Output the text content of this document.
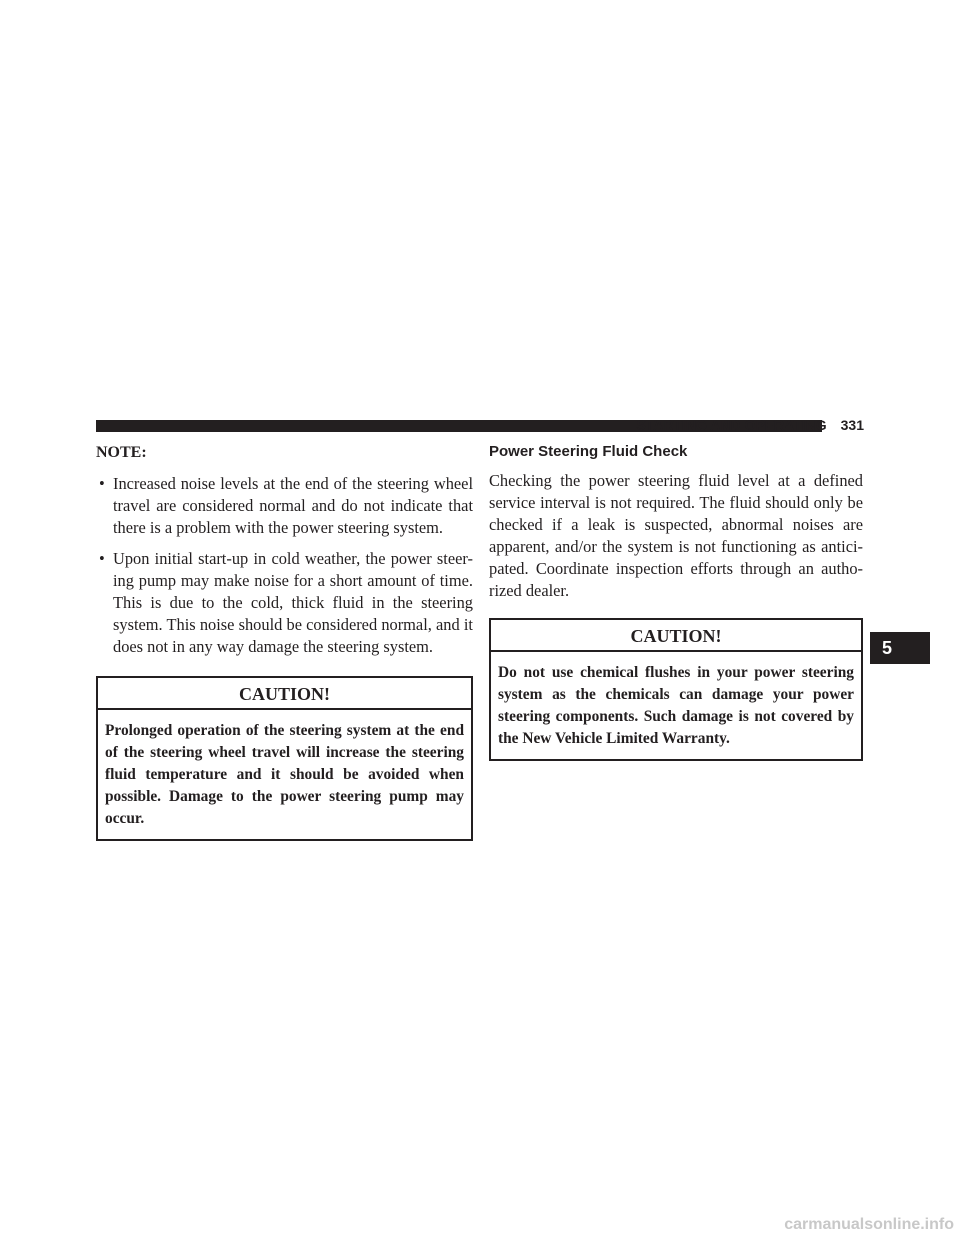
STARTING AND OPERATING 331
NOTE:
• Increased noise levels at the end of the steering wheel travel are considered normal and do not indicate that there is a problem with the power steering system.
• Upon initial start-up in cold weather, the power steer-ing pump may make noise for a short amount of time. This is due to the cold, thick fluid in the steering system. This noise should be considered normal, and it does not in any way damage the steering system.
CAUTION!
Prolonged operation of the steering system at the end of the steering wheel travel will increase the steering fluid temperature and it should be avoided when possible. Damage to the power steering pump may occur.
Power Steering Fluid Check

Checking the power steering fluid level at a defined service interval is not required. The fluid should only be checked if a leak is suspected, abnormal noises are apparent, and/or the system is not functioning as antici-pated. Coordinate inspection efforts through an autho-rized dealer.

CAUTION!
Do not use chemical flushes in your power steering system as the chemicals can damage your power steering components. Such damage is not covered by the New Vehicle Limited Warranty.
5
carmanualsonline.info
